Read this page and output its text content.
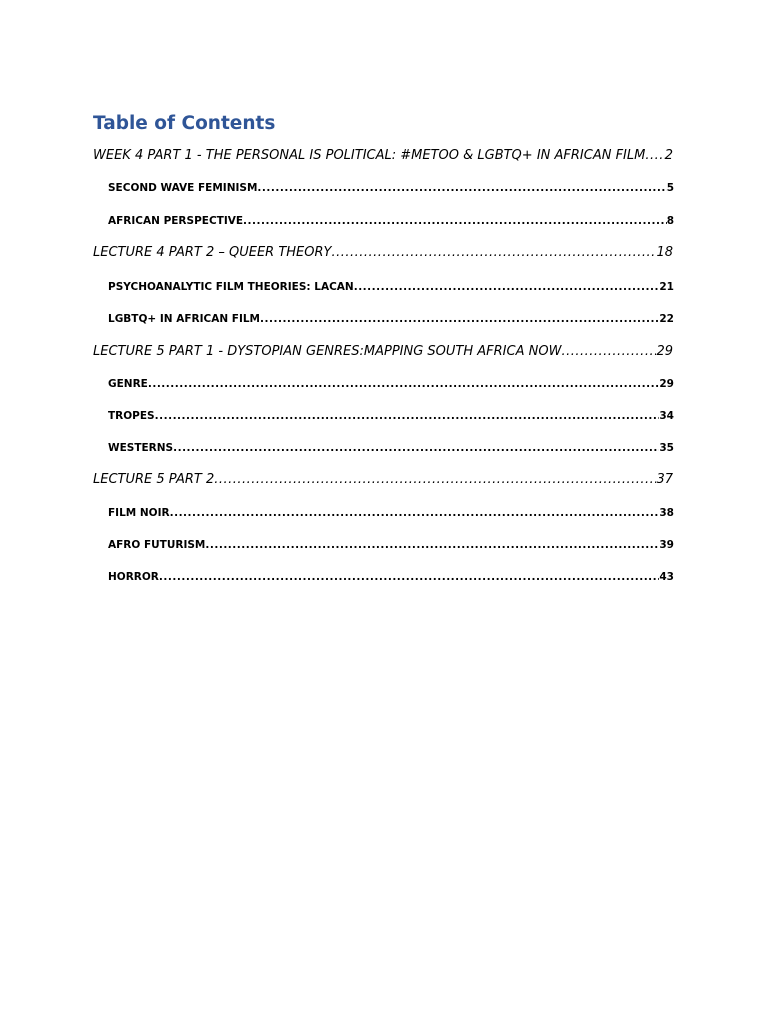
Table of Contents
WEEK 4 PART 1 - THE PERSONAL IS POLITICAL: #METOO & LGBTQ+ IN AFRICAN FILM ..... 2
SECOND WAVE FEMINISM .....	5
AFRICAN PERSPECTIVE .....	8
LECTURE 4 PART 2 – QUEER THEORY .....	18
PSYCHOANALYTIC FILM THEORIES: LACAN .....	21
LGBTQ+ IN AFRICAN FILM .....	22
LECTURE 5 PART 1 - DYSTOPIAN GENRES:MAPPING SOUTH AFRICA NOW .....	29
GENRE .....	29
TROPES .....	34
WESTERNS .....	35
LECTURE 5 PART 2 .....	37
FILM NOIR .....	38
AFRO FUTURISM .....	39
HORROR .....	43
